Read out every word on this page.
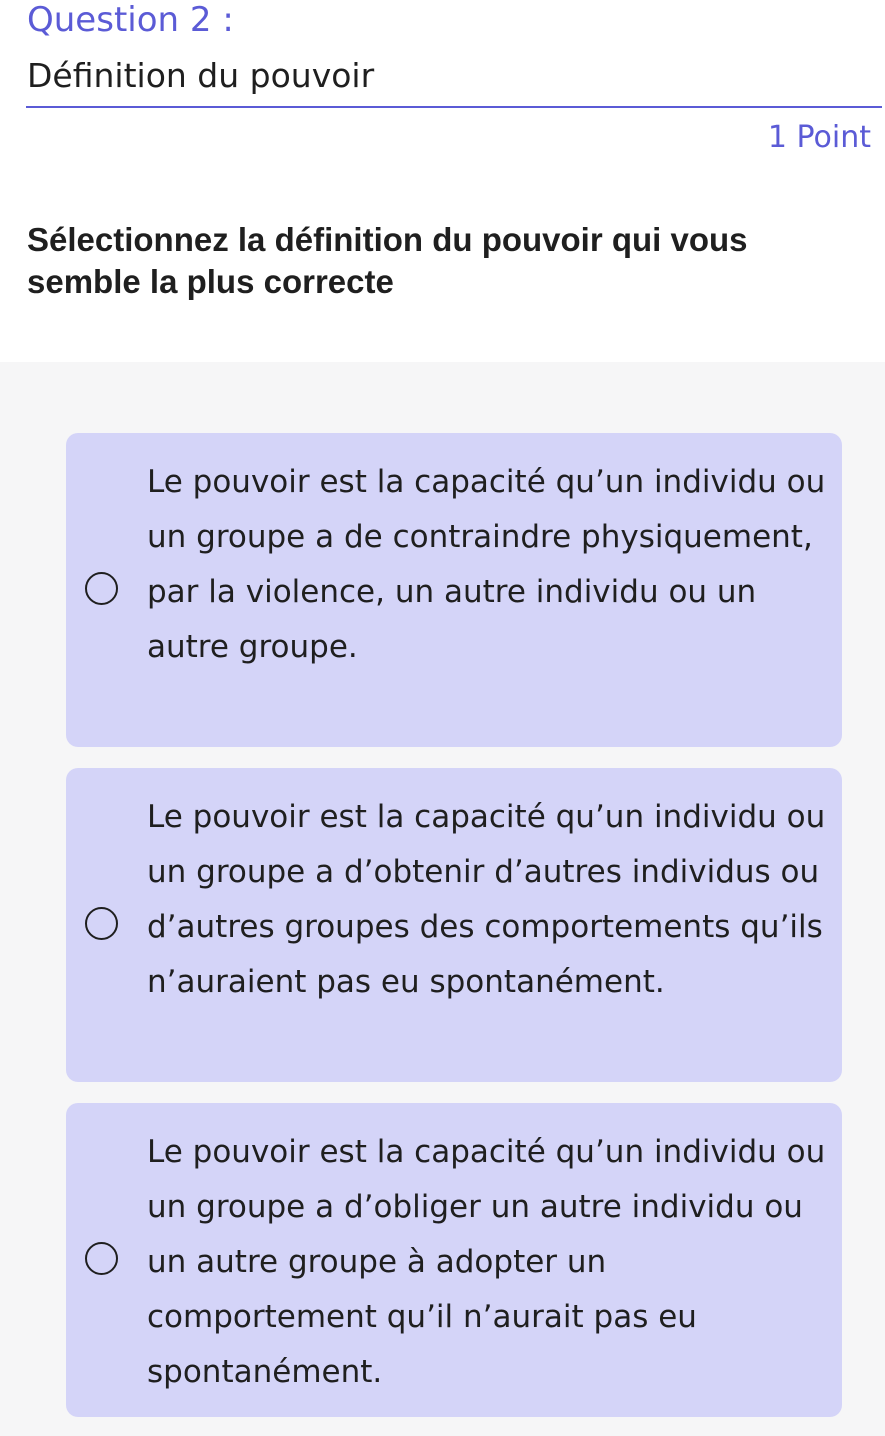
Question 2 :
Définition du pouvoir
1 Point
Sélectionnez la définition du pouvoir qui vous semble la plus correcte
Le pouvoir est la capacité qu’un individu ou un groupe a de contraindre physiquement, par la violence, un autre individu ou un autre groupe.
Le pouvoir est la capacité qu’un individu ou un groupe a d’obtenir d’autres individus ou d’autres groupes des comportements qu’ils n’auraient pas eu spontanément.
Le pouvoir est la capacité qu’un individu ou un groupe a d’obliger un autre individu ou un autre groupe à adopter un comportement qu’il n’aurait pas eu spontanément.
